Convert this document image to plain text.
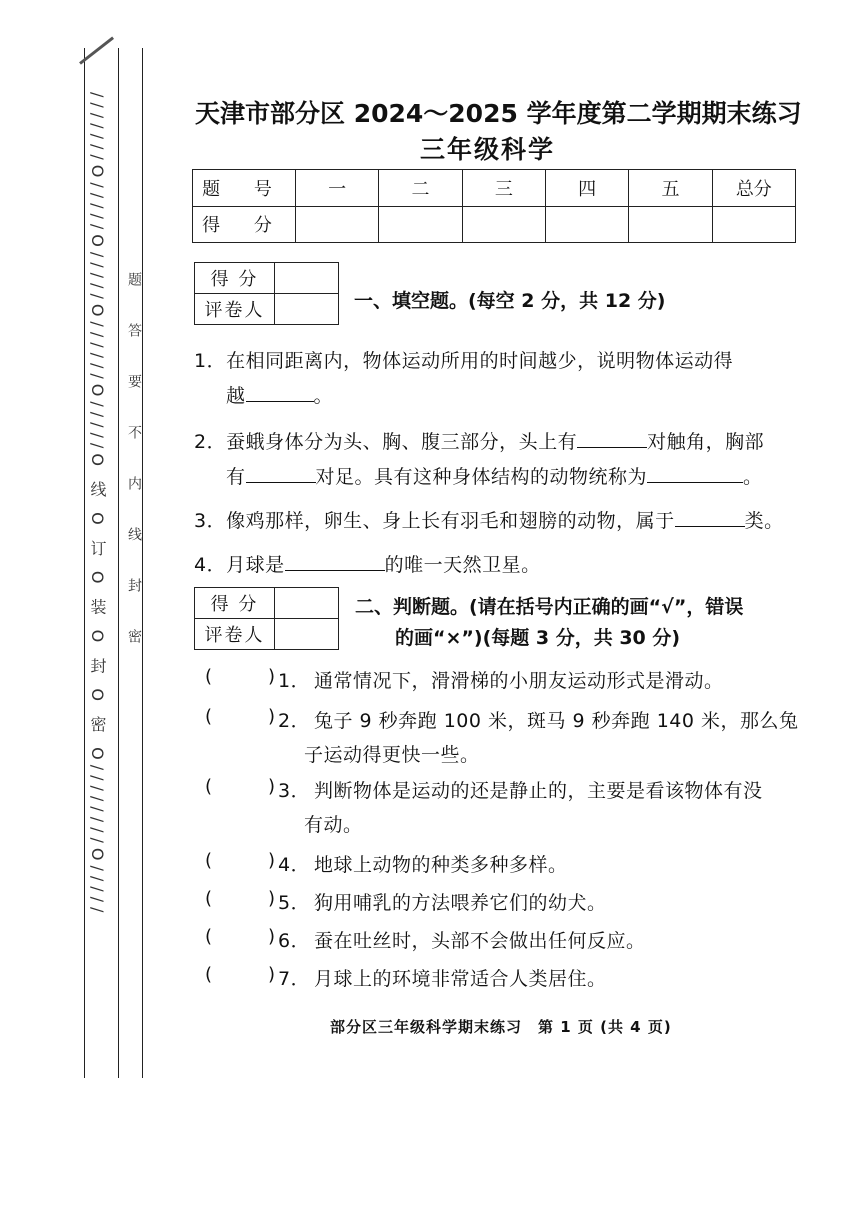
///////O/////O/////O//////O/////O 线 O 订 O 装 O 封 O 密 O////////O///// 题答要不内线封密
天津市部分区 2024～2025 学年度第二学期期末练习
三年级科学
题 号	一	二	三	四	五	总分
得 分						
得 分	
评卷人		一、填空题。(每空 2 分，共 12 分)
1．在相同距离内，物体运动所用的时间越少，说明物体运动得
越	。
2．蚕蛾身体分为头、胸、腹三部分，头上有	对触角，胸部
有	对足。具有这种身体结构的动物统称为	。
3．像鸡那样，卵生、身上长有羽毛和翅膀的动物，属于	类。
4．月球是	的唯一天然卫星。
得 分	
评卷人	
二、判断题。(请在括号内正确的画“√”，错误
的画“×”)(每题 3 分，共 30 分)
(	) 1． 通常情况下，滑滑梯的小朋友运动形式是滑动。
(	) 2． 兔子 9 秒奔跑 100 米，斑马 9 秒奔跑 140 米，那么兔
子运动得更快一些。
(	) 3． 判断物体是运动的还是静止的，主要是看该物体有没
有动。
(	) 4． 地球上动物的种类多种多样。
(	) 5． 狗用哺乳的方法喂养它们的幼犬。
(	) 6． 蚕在吐丝时，头部不会做出任何反应。
(	) 7． 月球上的环境非常适合人类居住。
部分区三年级科学期末练习　第 1 页 (共 4 页)
